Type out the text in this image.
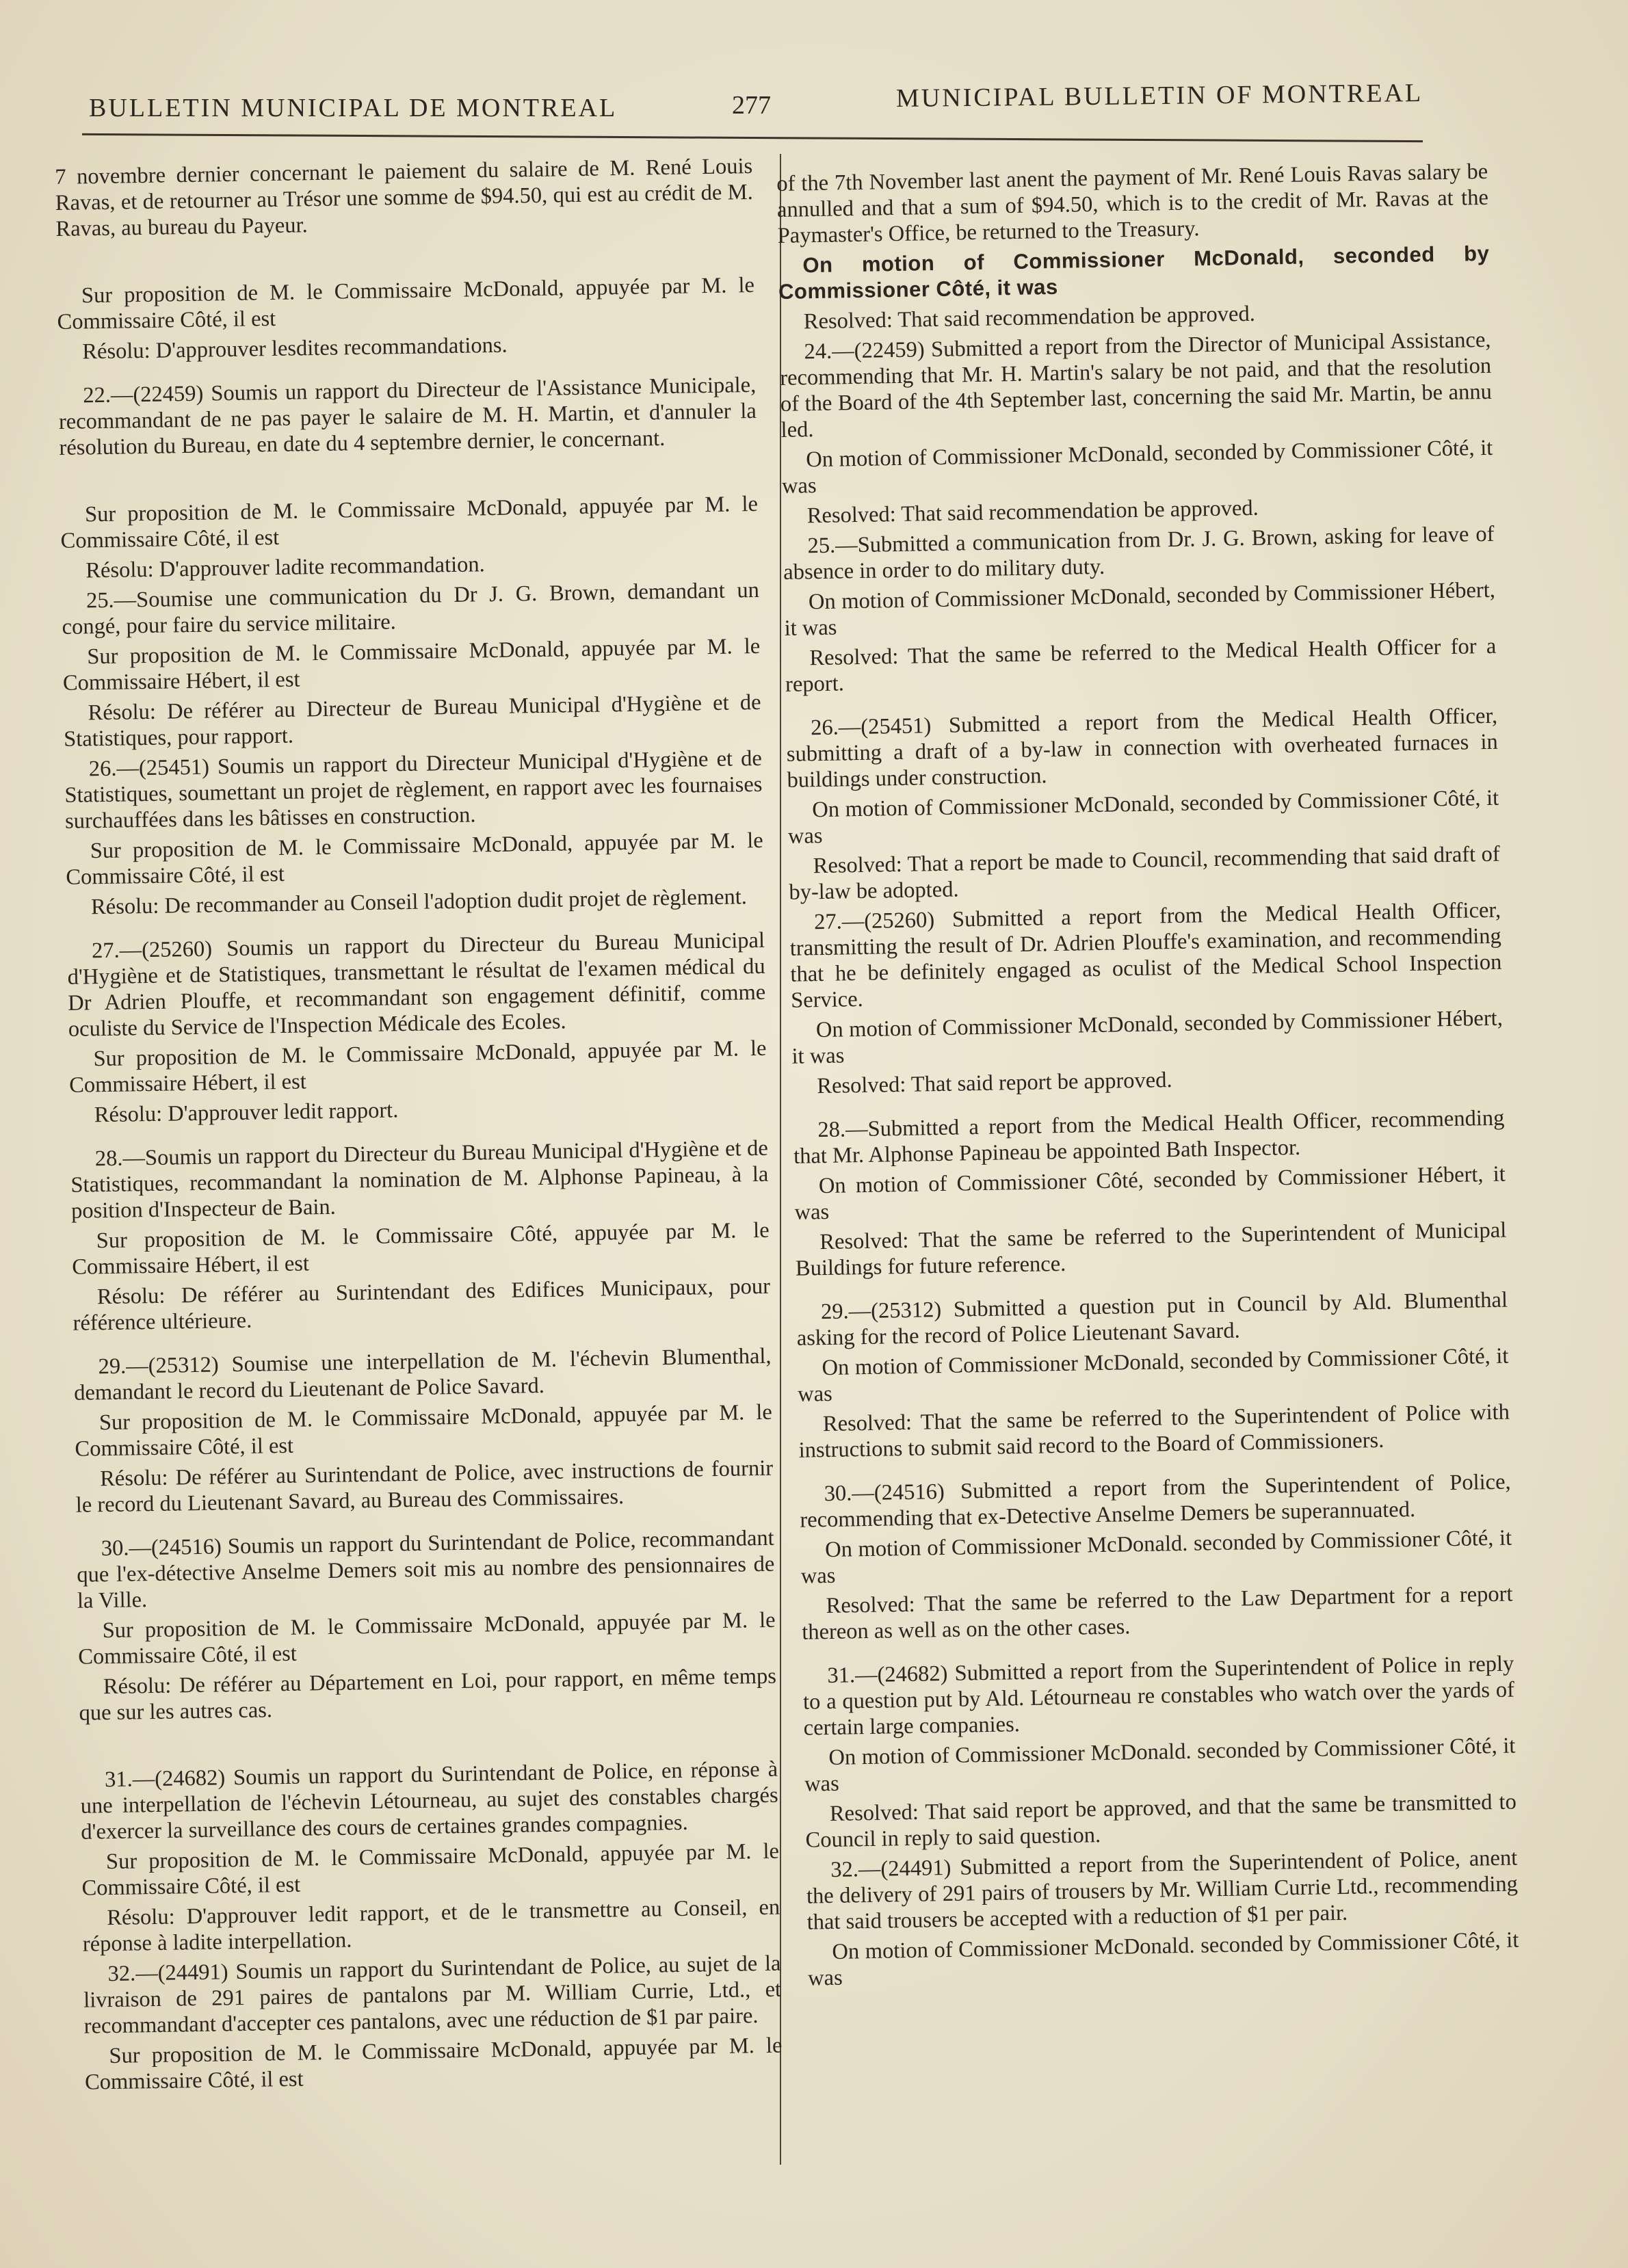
BULLETIN MUNICIPAL DE MONTREAL	277	MUNICIPAL BULLETIN OF MONTREAL

7 novembre dernier concernant le paiement du salaire de M. René Louis Ravas, et de retourner au Trésor une somme de $94.50, qui est au crédit de M. Ravas, au bureau du Payeur.

Sur proposition de M. le Commissaire McDonald, appuyée par M. le Commissaire Côté, il est

Résolu: D'approuver lesdites recommandations.

22.—(22459) Soumis un rapport du Directeur de l'Assistance Municipale, recommandant de ne pas payer le salaire de M. H. Martin, et d'annuler la résolution du Bureau, en date du 4 septembre dernier, le concernant.

Sur proposition de M. le Commissaire McDonald, appuyée par M. le Commissaire Côté, il est

Résolu: D'approuver ladite recommandation.

25.—Soumise une communication du Dr J. G. Brown, demandant un congé, pour faire du service militaire.

Sur proposition de M. le Commissaire McDonald, appuyée par M. le Commissaire Hébert, il est

Résolu: De référer au Directeur de Bureau Municipal d'Hygiène et de Statistiques, pour rapport.

26.—(25451) Soumis un rapport du Directeur Municipal d'Hygiène et de Statistiques, soumettant un projet de règlement, en rapport avec les fournaises surchauffées dans les bâtisses en construction.

Sur proposition de M. le Commissaire McDonald, appuyée par M. le Commissaire Côté, il est

Résolu: De recommander au Conseil l'adoption dudit projet de règlement.

27.—(25260) Soumis un rapport du Directeur du Bureau Municipal d'Hygiène et de Statistiques, transmettant le résultat de l'examen médical du Dr Adrien Plouffe, et recommandant son engagement définitif, comme oculiste du Service de l'Inspection Médicale des Ecoles.

Sur proposition de M. le Commissaire McDonald, appuyée par M. le Commissaire Hébert, il est

Résolu: D'approuver ledit rapport.

28.—Soumis un rapport du Directeur du Bureau Municipal d'Hygiène et de Statistiques, recommandant la nomination de M. Alphonse Papineau, à la position d'Inspecteur de Bain.

Sur proposition de M. le Commissaire Côté, appuyée par M. le Commissaire Hébert, il est

Résolu: De référer au Surintendant des Edifices Municipaux, pour référence ultérieure.

29.—(25312) Soumise une interpellation de M. l'échevin Blumenthal, demandant le record du Lieutenant de Police Savard.

Sur proposition de M. le Commissaire McDonald, appuyée par M. le Commissaire Côté, il est

Résolu: De référer au Surintendant de Police, avec instructions de fournir le record du Lieutenant Savard, au Bureau des Commissaires.

30.—(24516) Soumis un rapport du Surintendant de Police, recommandant que l'ex-détective Anselme Demers soit mis au nombre des pensionnaires de la Ville.

Sur proposition de M. le Commissaire McDonald, appuyée par M. le Commissaire Côté, il est

Résolu: De référer au Département en Loi, pour rapport, en même temps que sur les autres cas.

31.—(24682) Soumis un rapport du Surintendant de Police, en réponse à une interpellation de l'échevin Létourneau, au sujet des constables chargés d'exercer la surveillance des cours de certaines grandes compagnies.

Sur proposition de M. le Commissaire McDonald, appuyée par M. le Commissaire Côté, il est

Résolu: D'approuver ledit rapport, et de le transmettre au Conseil, en réponse à ladite interpellation.

32.—(24491) Soumis un rapport du Surintendant de Police, au sujet de la livraison de 291 paires de pantalons par M. William Currie, Ltd., et recommandant d'accepter ces pantalons, avec une réduction de $1 par paire.

Sur proposition de M. le Commissaire McDonald, appuyée par M. le Commissaire Côté, il est

of the 7th November last anent the payment of Mr. René Louis Ravas salary be annulled and that a sum of $94.50, which is to the credit of Mr. Ravas at the Paymaster's Office, be returned to the Treasury.

On motion of Commissioner McDonald, seconded by Commissioner Côté, it was

Resolved: That said recommendation be approved.

24.—(22459) Submitted a report from the Director of Municipal Assistance, recommending that Mr. H. Martin's salary be not paid, and that the resolution of the Board of the 4th September last, concerning the said Mr. Martin, be annu led.

On motion of Commissioner McDonald, seconded by Commissioner Côté, it was

Resolved: That said recommendation be approved.

25.—Submitted a communication from Dr. J. G. Brown, asking for leave of absence in order to do military duty.

On motion of Commissioner McDonald, seconded by Commissioner Hébert, it was

Resolved: That the same be referred to the Medical Health Officer for a report.

26.—(25451) Submitted a report from the Medical Health Officer, submitting a draft of a by-law in connection with overheated furnaces in buildings under construction.

On motion of Commissioner McDonald, seconded by Commissioner Côté, it was

Resolved: That a report be made to Council, recommending that said draft of by-law be adopted.

27.—(25260) Submitted a report from the Medical Health Officer, transmitting the result of Dr. Adrien Plouffe's examination, and recommending that he be definitely engaged as oculist of the Medical School Inspection Service.

On motion of Commissioner McDonald, seconded by Commissioner Hébert, it was

Resolved: That said report be approved.

28.—Submitted a report from the Medical Health Officer, recommending that Mr. Alphonse Papineau be appointed Bath Inspector.

On motion of Commissioner Côté, seconded by Commissioner Hébert, it was

Resolved: That the same be referred to the Superintendent of Municipal Buildings for future reference.

29.—(25312) Submitted a question put in Council by Ald. Blumenthal asking for the record of Police Lieutenant Savard.

On motion of Commissioner McDonald, seconded by Commissioner Côté, it was

Resolved: That the same be referred to the Superintendent of Police with instructions to submit said record to the Board of Commissioners.

30.—(24516) Submitted a report from the Superintendent of Police, recommending that ex-Detective Anselme Demers be superannuated.

On motion of Commissioner McDonald. seconded by Commissioner Côté, it was

Resolved: That the same be referred to the Law Department for a report thereon as well as on the other cases.

31.—(24682) Submitted a report from the Superintendent of Police in reply to a question put by Ald. Létourneau re constables who watch over the yards of certain large companies.

On motion of Commissioner McDonald. seconded by Commissioner Côté, it was

Resolved: That said report be approved, and that the same be transmitted to Council in reply to said question.

32.—(24491) Submitted a report from the Superintendent of Police, anent the delivery of 291 pairs of trousers by Mr. William Currie Ltd., recommending that said trousers be accepted with a reduction of $1 per pair.

On motion of Commissioner McDonald. seconded by Commissioner Côté, it was
